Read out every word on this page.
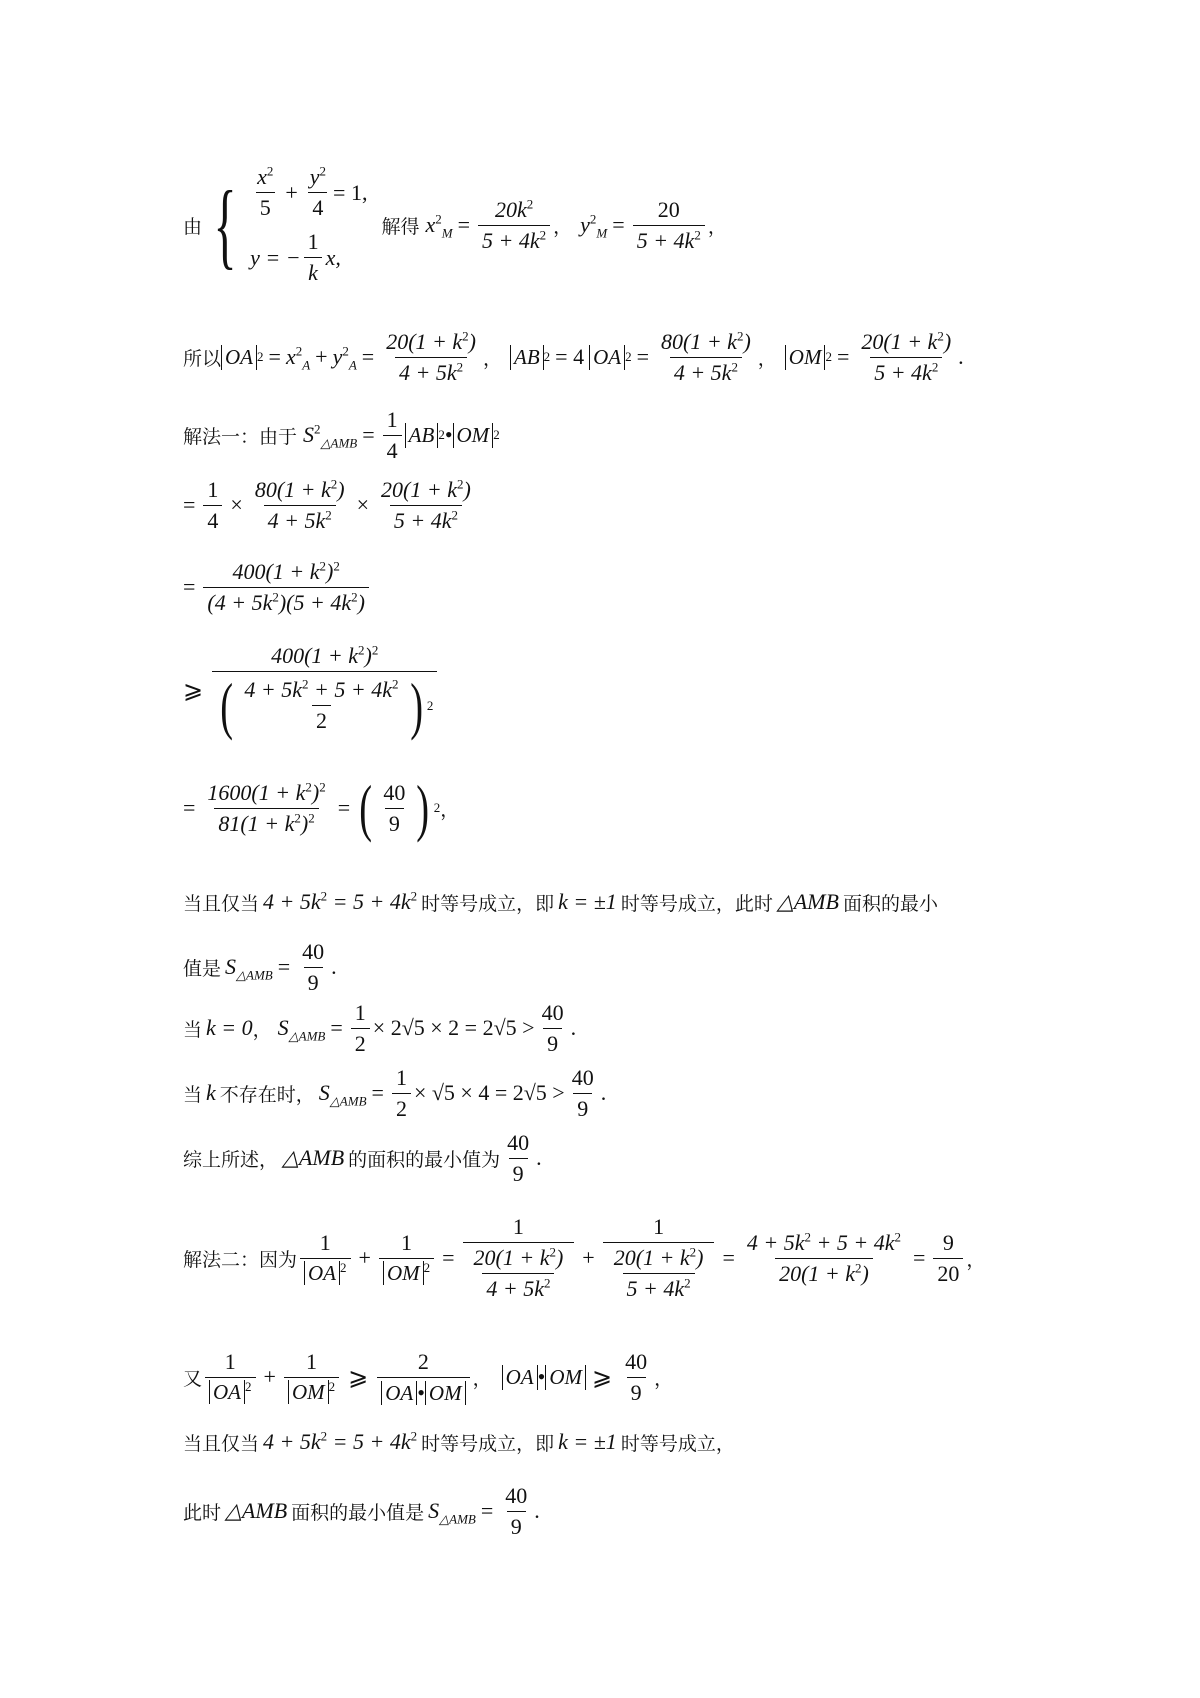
由 { $\frac{x^2}{5} + \frac{y^2}{4} = 1$,
y = − $\frac{1}{k} x$,
解得 $x^2_M = \frac{20k^2}{5 + 4k^2}$ ， $y^2_M = \frac{20}{5 + 4k^2}$ ，
所以 OA $2 = x^2_A + y^2_A = \frac{20(1 + k^2)}{4 + 5k^2}$ ， AB 2 = 4 OA $2 = \frac{80(1 + k^2)}{4 + 5k^2}$ ， OM $2 = \frac{20(1 + k^2)}{5 + 4k^2}$ .
解法一：由于 $S^2_{\triangle AMB} = \frac{1}{4}$ AB 2 • OM 2
= $\frac{1}{4} \times \frac{80(1 + k^2)}{4 + 5k^2} \times \frac{20(1 + k^2)}{5 + 4k^2}$
= $\frac{400(1 + k^2)^2}{(4 + 5k^2)(5 + 4k^2)}$
⩾ $\frac{400(1 + k^2)^2}{( \frac{4 + 5k^2 + 5 + 4k^2}{2} ) 2}$
= $\frac{1600(1 + k^2)^2}{81(1 + k^2)^2}$ = ( $\frac{40}{9}$ ) 2 ，
当且仅当 $4 + 5k^2 = 5 + 4k^2$ 时等号成立，即 k = ±1 时等号成立，此时 △AMB 面积的最小
值是 $S_{\triangle AMB} = \frac{40}{9}$ .
当 k = 0 ， $S_{\triangle AMB} = \frac{1}{2} \times 2√5 \times 2 = 2√5 > \frac{40}{9}$ .
当 k 不存在时， $S_{\triangle AMB} = \frac{1}{2} \times √5 \times 4 = 2√5 > \frac{40}{9}$ .
综上所述， △AMB 的面积的最小值为 $\frac{40}{9}$ .
解法二：因为 $\frac{1}{OA ^2} + \frac{1}{OM ^2} = \frac{1}{\frac{20(1 + k^2)}{4 + 5k^2}} + \frac{1}{\frac{20(1 + k^2)}{5 + 4k^2}} = \frac{4 + 5k^2 + 5 + 4k^2}{20(1 + k^2)} = \frac{9}{20}$ ，
又 $\frac{1}{OA ^2} + \frac{1}{OM ^2}$ ⩾ $\frac{2}{OA • OM}$ ， OA • OM ⩾ $\frac{40}{9}$ ，
当且仅当 $4 + 5k^2 = 5 + 4k^2$ 时等号成立，即 k = ±1 时等号成立，
此时 △AMB 面积的最小值是 $S_{\triangle AMB} = \frac{40}{9}$ .
